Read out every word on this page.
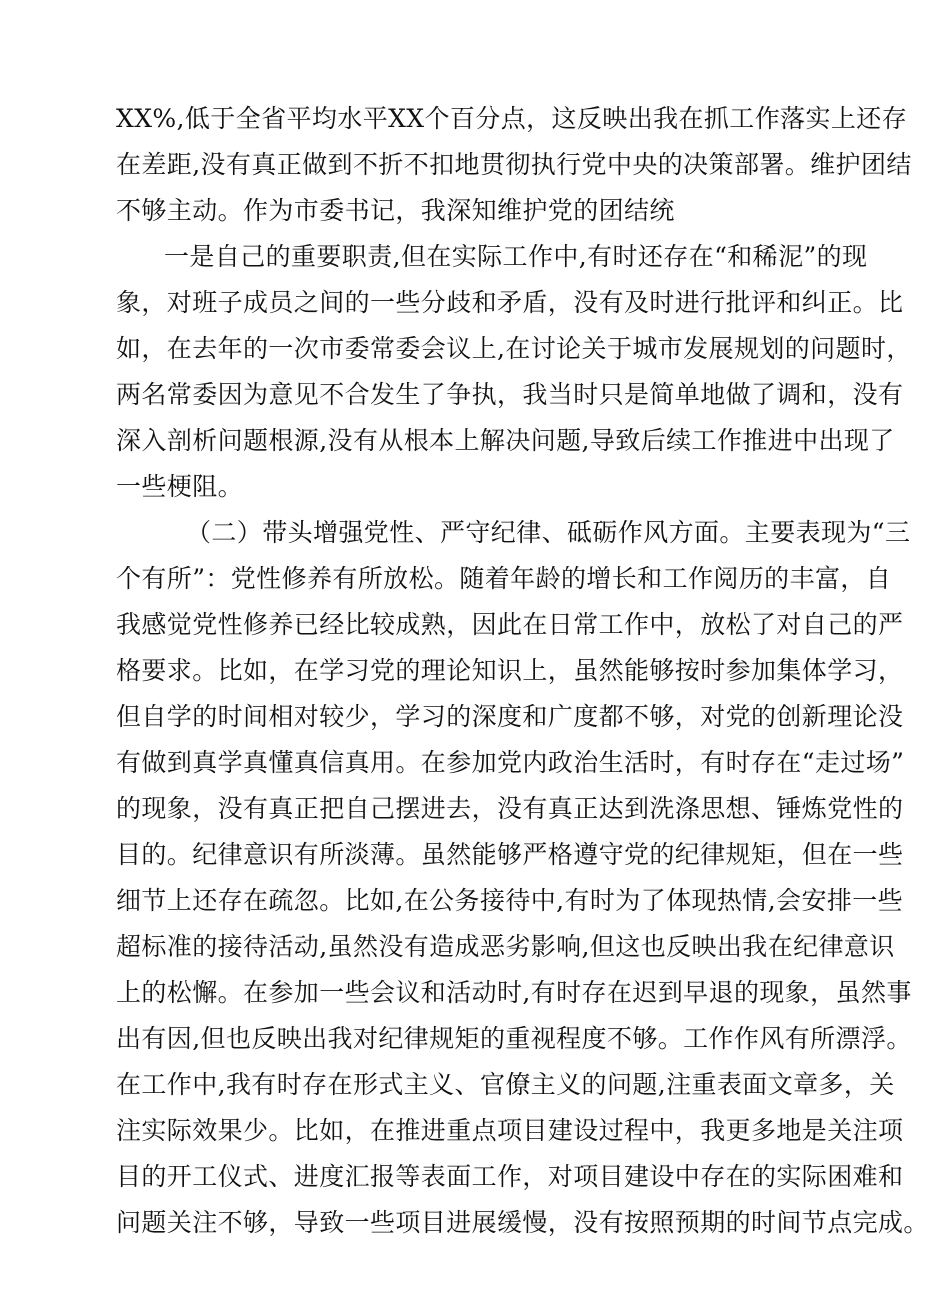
XX%,低于全省平均水平XX个百分点，这反映出我在抓工作落实上还存
在差距,没有真正做到不折不扣地贯彻执行党中央的决策部署。维护团结
不够主动。作为市委书记，我深知维护党的团结统
一是自己的重要职责,但在实际工作中,有时还存在“和稀泥”的现
象，对班子成员之间的一些分歧和矛盾，没有及时进行批评和纠正。比
如，在去年的一次市委常委会议上,在讨论关于城市发展规划的问题时，
两名常委因为意见不合发生了争执，我当时只是简单地做了调和，没有
深入剖析问题根源,没有从根本上解决问题,导致后续工作推进中出现了
一些梗阻。
（二）带头增强党性、严守纪律、砥砺作风方面。主要表现为“三
个有所”：党性修养有所放松。随着年龄的增长和工作阅历的丰富，自
我感觉党性修养已经比较成熟，因此在日常工作中，放松了对自己的严
格要求。比如，在学习党的理论知识上，虽然能够按时参加集体学习，
但自学的时间相对较少，学习的深度和广度都不够，对党的创新理论没
有做到真学真懂真信真用。在参加党内政治生活时，有时存在“走过场”
的现象，没有真正把自己摆进去，没有真正达到洗涤思想、锤炼党性的
目的。纪律意识有所淡薄。虽然能够严格遵守党的纪律规矩，但在一些
细节上还存在疏忽。比如,在公务接待中,有时为了体现热情,会安排一些
超标准的接待活动,虽然没有造成恶劣影响,但这也反映出我在纪律意识
上的松懈。在参加一些会议和活动时,有时存在迟到早退的现象，虽然事
出有因,但也反映出我对纪律规矩的重视程度不够。工作作风有所漂浮。
在工作中,我有时存在形式主义、官僚主义的问题,注重表面文章多，关
注实际效果少。比如，在推进重点项目建设过程中，我更多地是关注项
目的开工仪式、进度汇报等表面工作，对项目建设中存在的实际困难和
问题关注不够，导致一些项目进展缓慢，没有按照预期的时间节点完成。
